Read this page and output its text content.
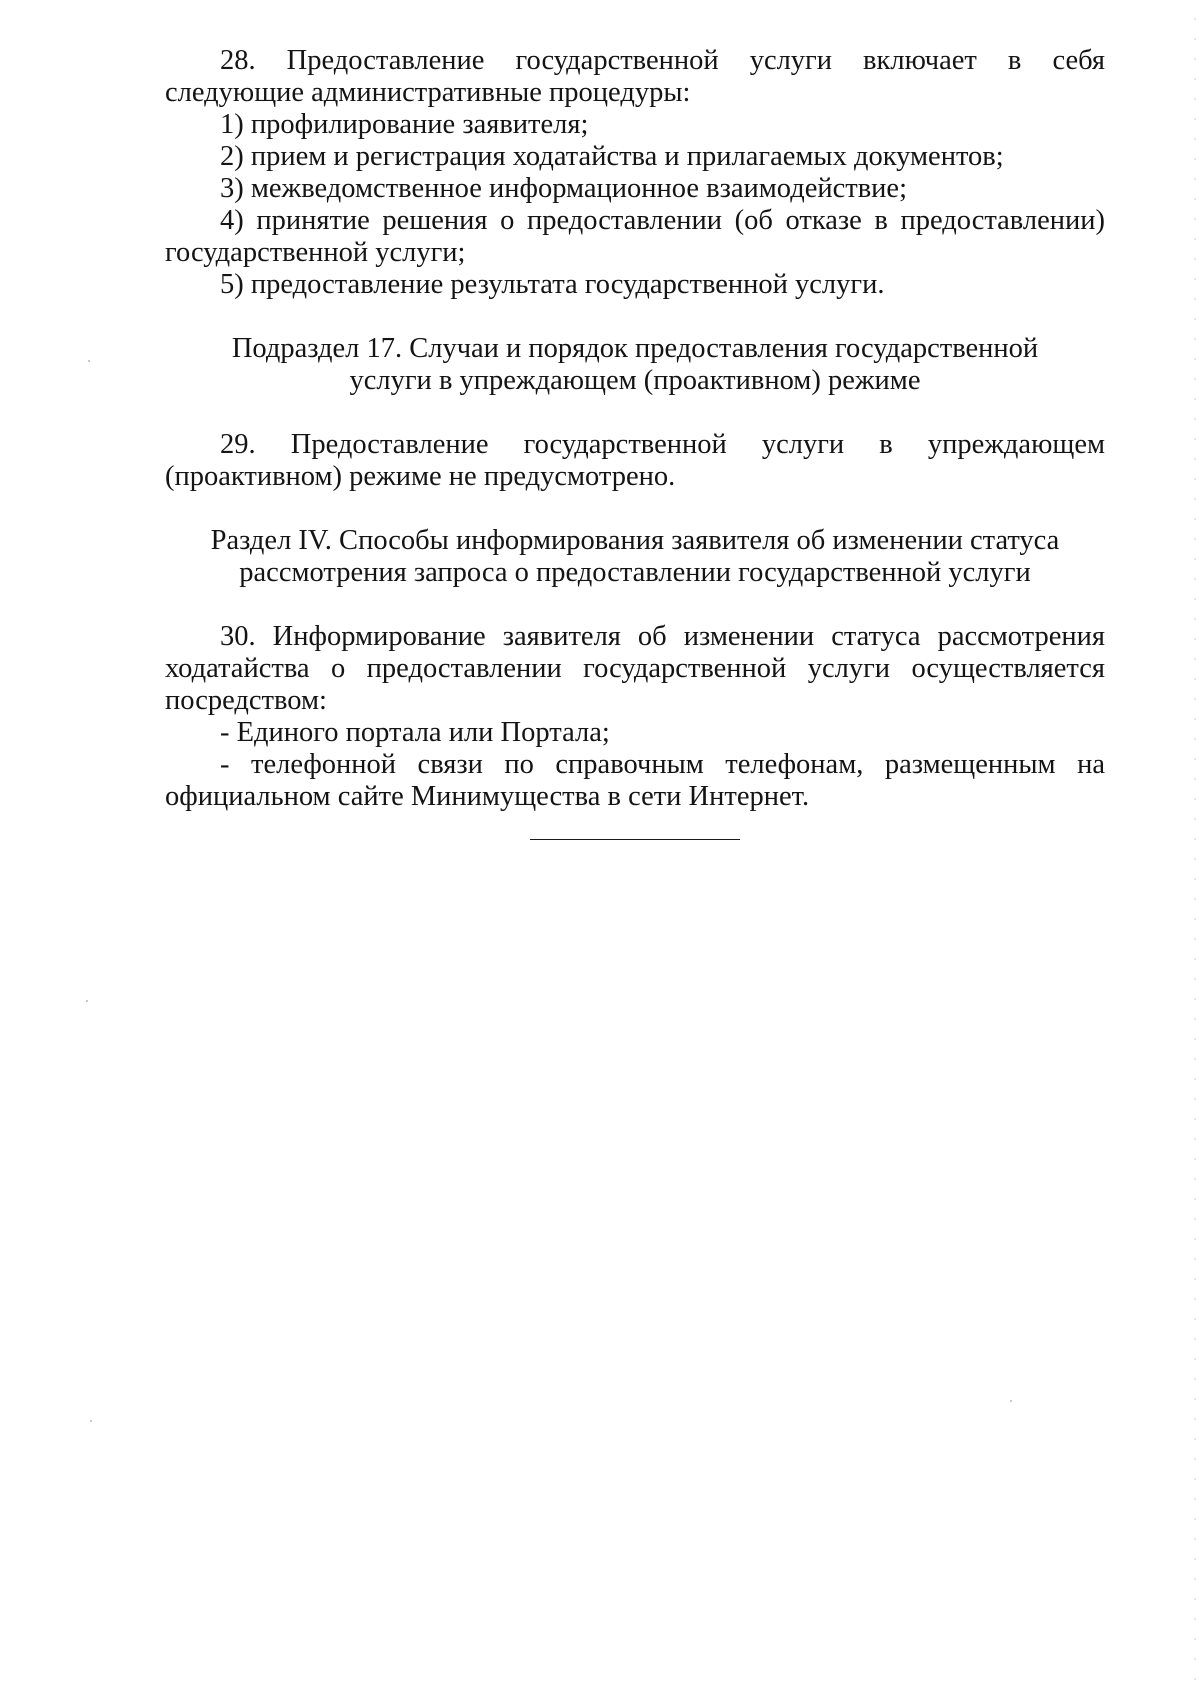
28. Предоставление государственной услуги включает в себя следующие административные процедуры:

1) профилирование заявителя;

2) прием и регистрация ходатайства и прилагаемых документов;

3) межведомственное информационное взаимодействие;

4) принятие решения о предоставлении (об отказе в предоставлении) государственной услуги;

5) предоставление результата государственной услуги.

Подраздел 17. Случаи и порядок предоставления государственной
услуги в упреждающем (проактивном) режиме

29. Предоставление государственной услуги в упреждающем (проактивном) режиме не предусмотрено.

Раздел IV. Способы информирования заявителя об изменении статуса
рассмотрения запроса о предоставлении государственной услуги

30. Информирование заявителя об изменении статуса рассмотрения ходатайства о предоставлении государственной услуги осуществляется посредством:

- Единого портала или Портала;

- телефонной связи по справочным телефонам, размещенным на официальном сайте Минимущества в сети Интернет.
